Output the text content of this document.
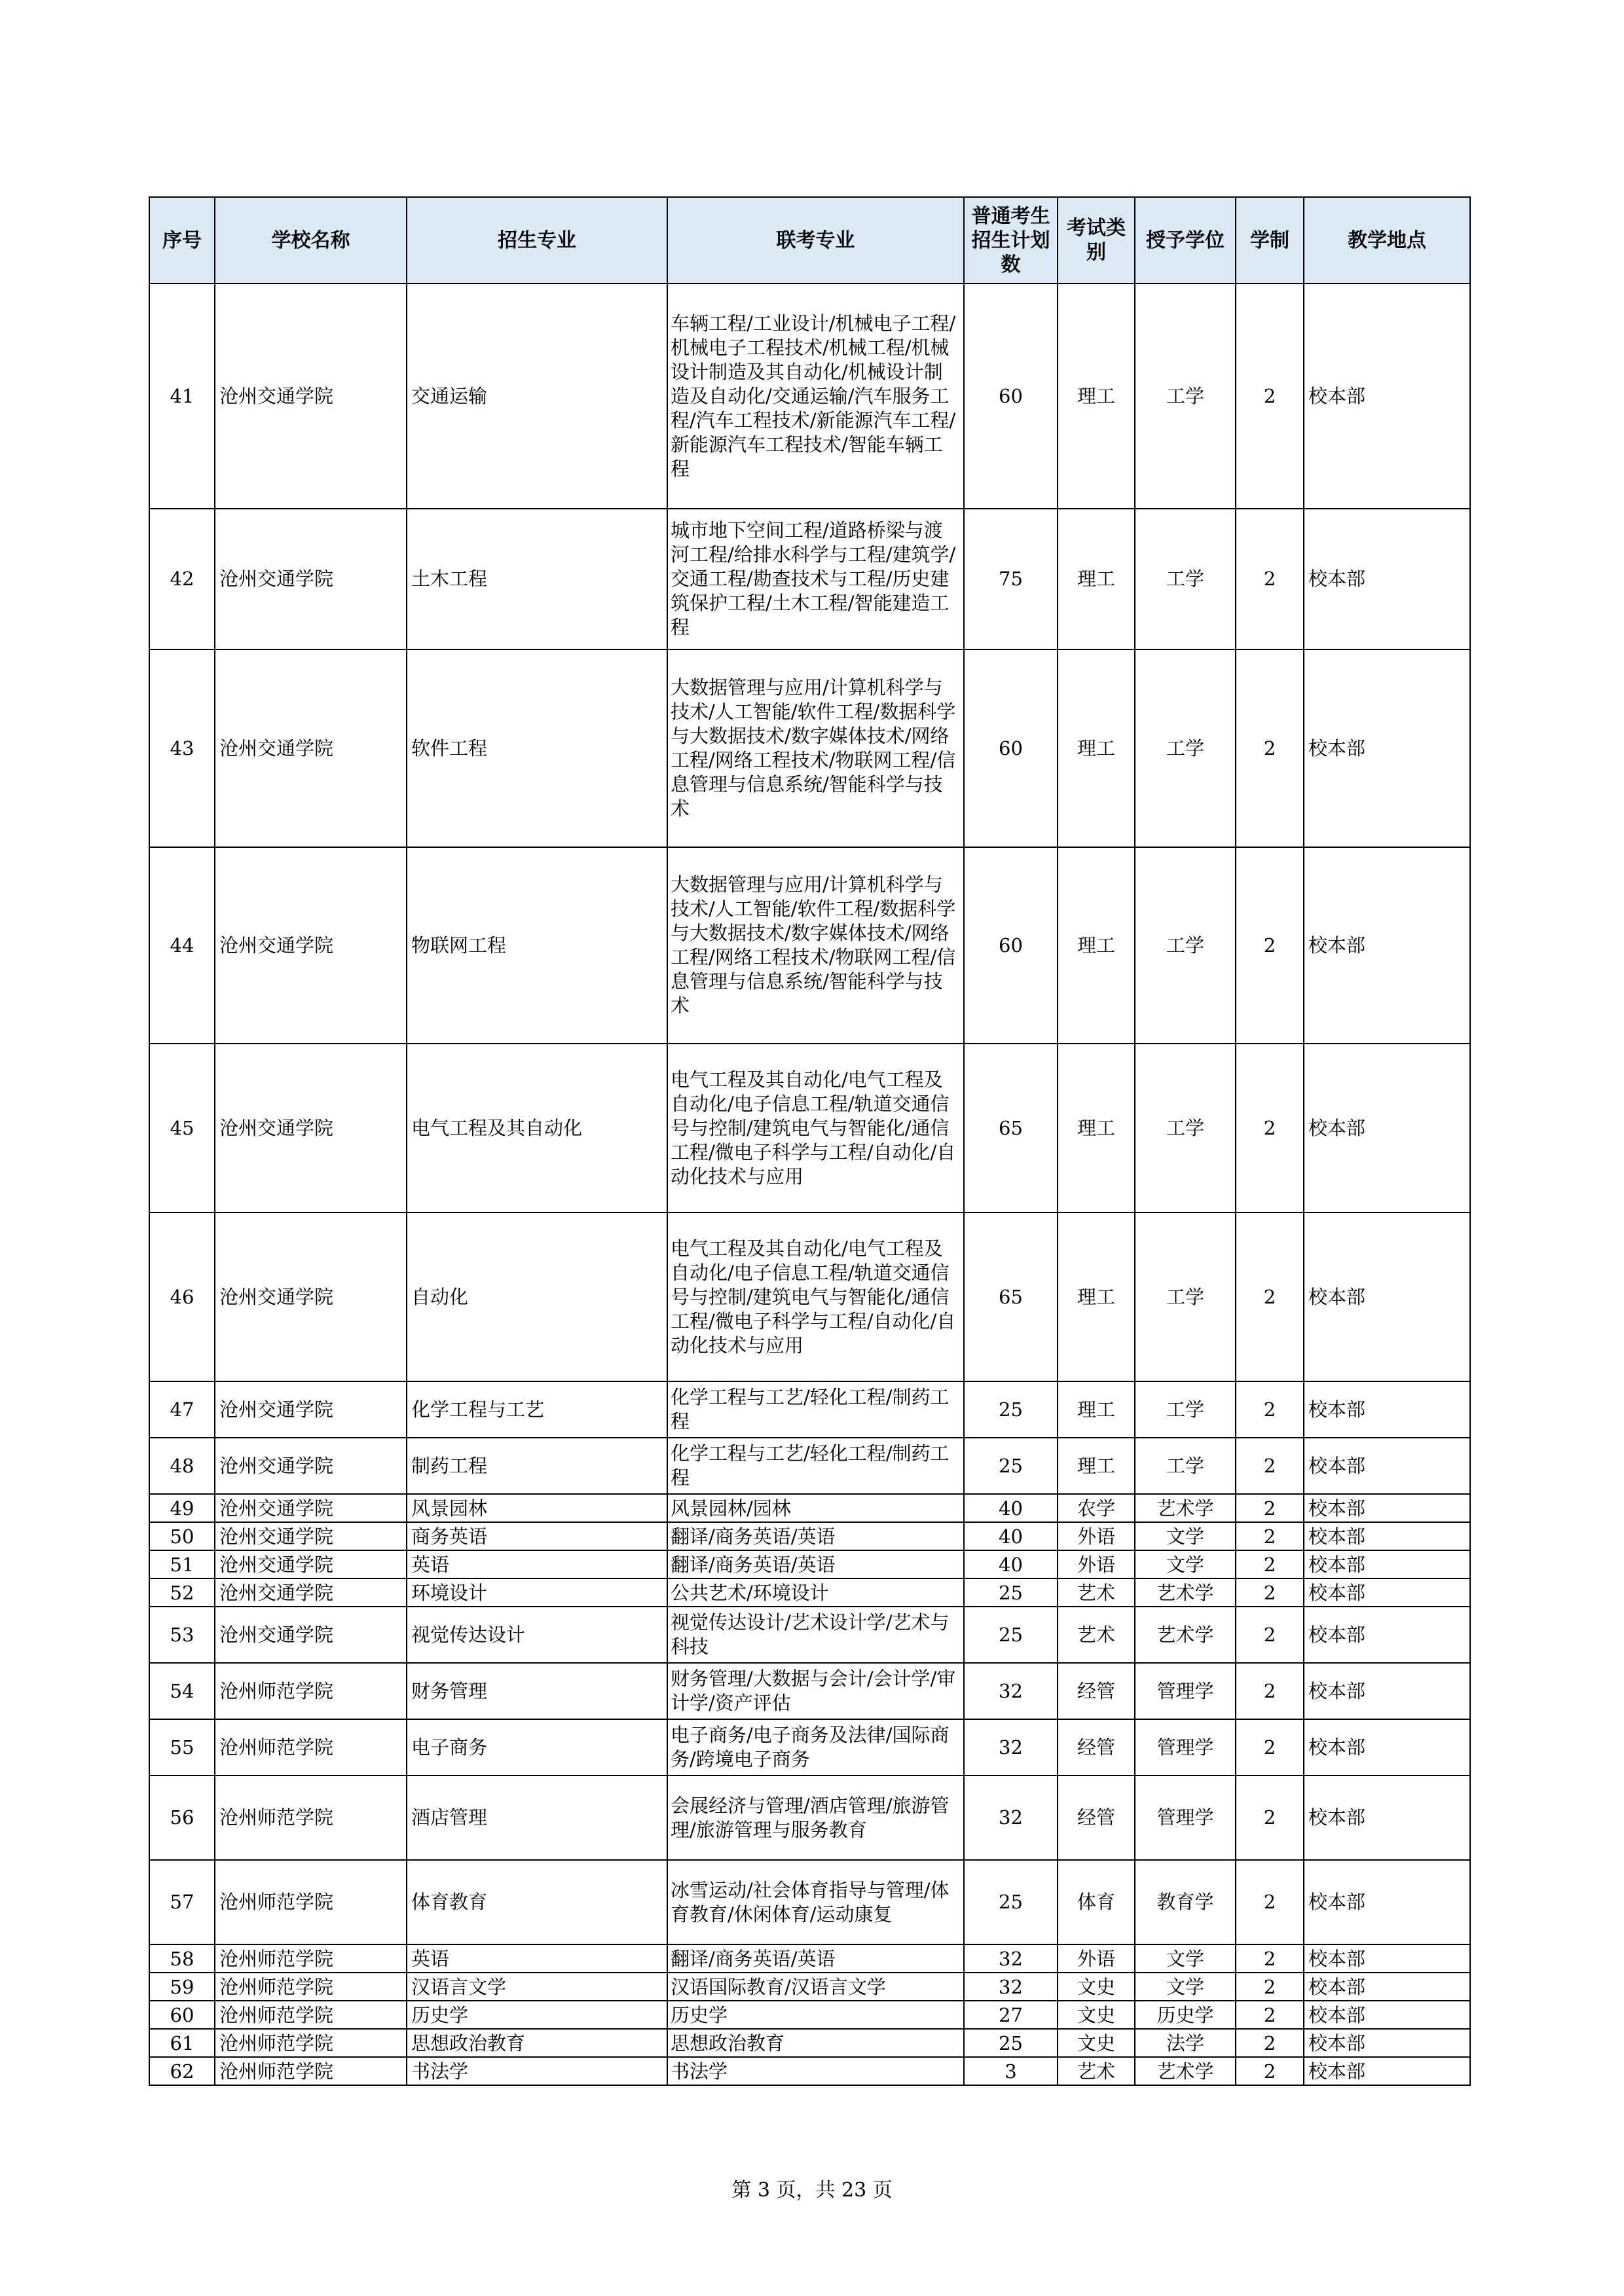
序号	学校名称	招生专业	联考专业	普通考生招生计划数	考试类别	授予学位	学制	教学地点
41	沧州交通学院	交通运输	车辆工程/工业设计/机械电子工程/机械电子工程技术/机械工程/机械设计制造及其自动化/机械设计制造及自动化/交通运输/汽车服务工程/汽车工程技术/新能源汽车工程/新能源汽车工程技术/智能车辆工程	60	理工	工学	2	校本部
42	沧州交通学院	土木工程	城市地下空间工程/道路桥梁与渡河工程/给排水科学与工程/建筑学/交通工程/勘查技术与工程/历史建筑保护工程/土木工程/智能建造工程	75	理工	工学	2	校本部
43	沧州交通学院	软件工程	大数据管理与应用/计算机科学与技术/人工智能/软件工程/数据科学与大数据技术/数字媒体技术/网络工程/网络工程技术/物联网工程/信息管理与信息系统/智能科学与技术	60	理工	工学	2	校本部
44	沧州交通学院	物联网工程	大数据管理与应用/计算机科学与技术/人工智能/软件工程/数据科学与大数据技术/数字媒体技术/网络工程/网络工程技术/物联网工程/信息管理与信息系统/智能科学与技术	60	理工	工学	2	校本部
45	沧州交通学院	电气工程及其自动化	电气工程及其自动化/电气工程及自动化/电子信息工程/轨道交通信号与控制/建筑电气与智能化/通信工程/微电子科学与工程/自动化/自动化技术与应用	65	理工	工学	2	校本部
46	沧州交通学院	自动化	电气工程及其自动化/电气工程及自动化/电子信息工程/轨道交通信号与控制/建筑电气与智能化/通信工程/微电子科学与工程/自动化/自动化技术与应用	65	理工	工学	2	校本部
47	沧州交通学院	化学工程与工艺	化学工程与工艺/轻化工程/制药工程	25	理工	工学	2	校本部
48	沧州交通学院	制药工程	化学工程与工艺/轻化工程/制药工程	25	理工	工学	2	校本部
49	沧州交通学院	风景园林	风景园林/园林	40	农学	艺术学	2	校本部
50	沧州交通学院	商务英语	翻译/商务英语/英语	40	外语	文学	2	校本部
51	沧州交通学院	英语	翻译/商务英语/英语	40	外语	文学	2	校本部
52	沧州交通学院	环境设计	公共艺术/环境设计	25	艺术	艺术学	2	校本部
53	沧州交通学院	视觉传达设计	视觉传达设计/艺术设计学/艺术与科技	25	艺术	艺术学	2	校本部
54	沧州师范学院	财务管理	财务管理/大数据与会计/会计学/审计学/资产评估	32	经管	管理学	2	校本部
55	沧州师范学院	电子商务	电子商务/电子商务及法律/国际商务/跨境电子商务	32	经管	管理学	2	校本部
56	沧州师范学院	酒店管理	会展经济与管理/酒店管理/旅游管理/旅游管理与服务教育	32	经管	管理学	2	校本部
57	沧州师范学院	体育教育	冰雪运动/社会体育指导与管理/体育教育/休闲体育/运动康复	25	体育	教育学	2	校本部
58	沧州师范学院	英语	翻译/商务英语/英语	32	外语	文学	2	校本部
59	沧州师范学院	汉语言文学	汉语国际教育/汉语言文学	32	文史	文学	2	校本部
60	沧州师范学院	历史学	历史学	27	文史	历史学	2	校本部
61	沧州师范学院	思想政治教育	思想政治教育	25	文史	法学	2	校本部
62	沧州师范学院	书法学	书法学	3	艺术	艺术学	2	校本部
第 3 页，共 23 页
